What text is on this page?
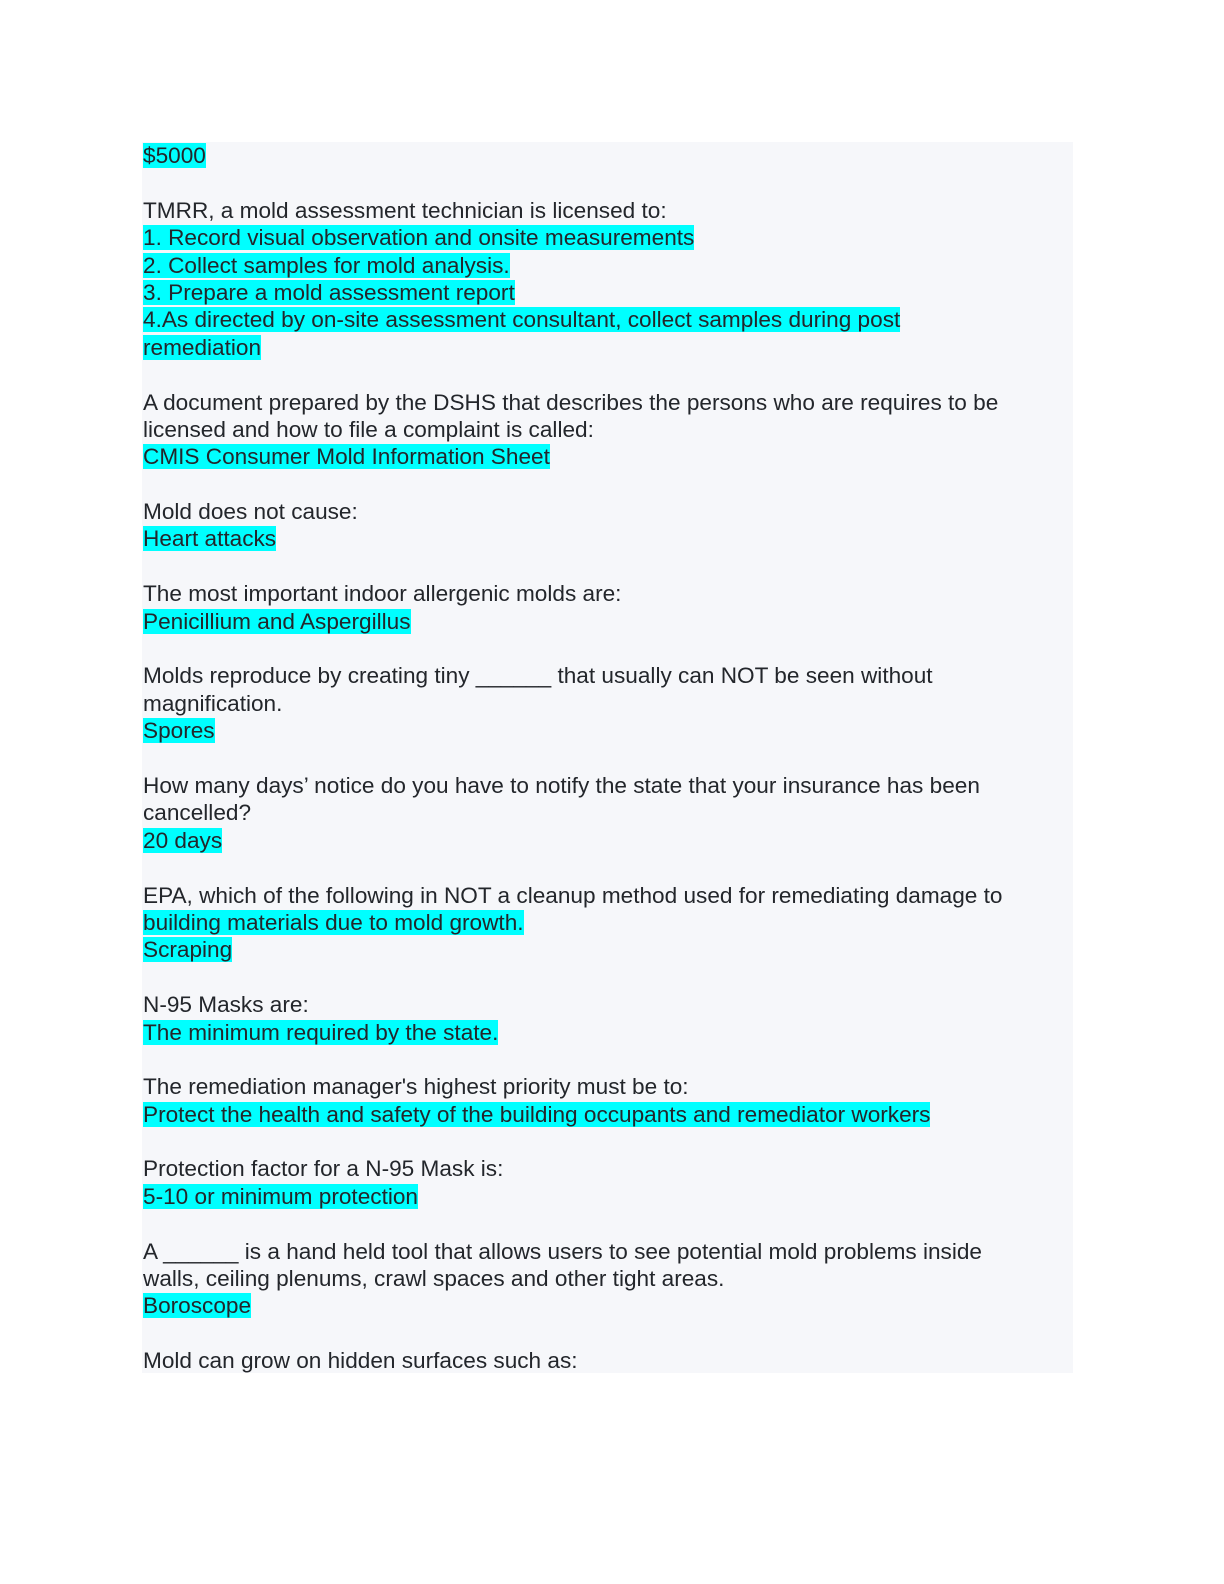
$5000
TMRR, a mold assessment technician is licensed to:
1. Record visual observation and onsite measurements
2. Collect samples for mold analysis.
3. Prepare a mold assessment report
4.As directed by on-site assessment consultant, collect samples during post
remediation
A document prepared by the DSHS that describes the persons who are requires to be
licensed and how to file a complaint is called:
CMIS Consumer Mold Information Sheet
Mold does not cause:
Heart attacks
The most important indoor allergenic molds are:
Penicillium and Aspergillus
Molds reproduce by creating tiny ______ that usually can NOT be seen without
magnification.
Spores
How many days’ notice do you have to notify the state that your insurance has been
cancelled?
20 days
EPA, which of the following in NOT a cleanup method used for remediating damage to
building materials due to mold growth.
Scraping
N-95 Masks are:
The minimum required by the state.
The remediation manager's highest priority must be to:
Protect the health and safety of the building occupants and remediator workers
Protection factor for a N-95 Mask is:
5-10 or minimum protection
A ______ is a hand held tool that allows users to see potential mold problems inside
walls, ceiling plenums, crawl spaces and other tight areas.
Boroscope
Mold can grow on hidden surfaces such as:
